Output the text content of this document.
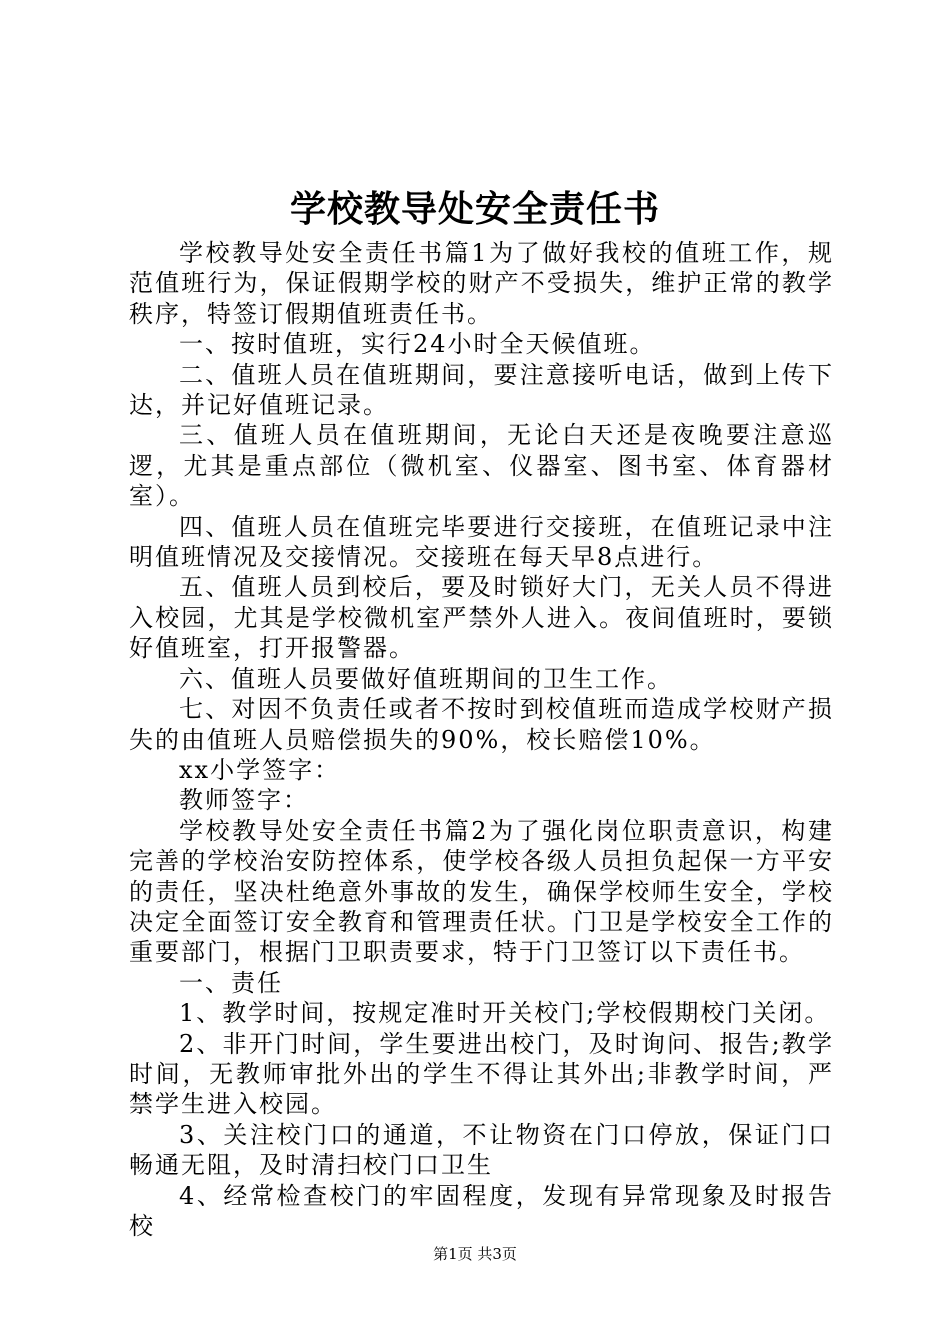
学校教导处安全责任书

学校教导处安全责任书篇1为了做好我校的值班工作，规范值班行为，保证假期学校的财产不受损失，维护正常的教学秩序，特签订假期值班责任书。

一、按时值班，实行24小时全天候值班。

二、值班人员在值班期间，要注意接听电话，做到上传下达，并记好值班记录。

三、值班人员在值班期间，无论白天还是夜晚要注意巡逻，尤其是重点部位（微机室、仪器室、图书室、体育器材室）。

四、值班人员在值班完毕要进行交接班，在值班记录中注明值班情况及交接情况。交接班在每天早8点进行。

五、值班人员到校后，要及时锁好大门，无关人员不得进入校园，尤其是学校微机室严禁外人进入。夜间值班时，要锁好值班室，打开报警器。

六、值班人员要做好值班期间的卫生工作。

七、对因不负责任或者不按时到校值班而造成学校财产损失的由值班人员赔偿损失的90%，校长赔偿10%。

xx小学签字：

教师签字：

学校教导处安全责任书篇2为了强化岗位职责意识，构建完善的学校治安防控体系，使学校各级人员担负起保一方平安的责任，坚决杜绝意外事故的发生，确保学校师生安全，学校决定全面签订安全教育和管理责任状。门卫是学校安全工作的重要部门，根据门卫职责要求，特于门卫签订以下责任书。

一、责任

1、教学时间，按规定准时开关校门;学校假期校门关闭。

2、非开门时间，学生要进出校门，及时询问、报告;教学时间，无教师审批外出的学生不得让其外出;非教学时间，严禁学生进入校园。

3、关注校门口的通道，不让物资在门口停放，保证门口畅通无阻，及时清扫校门口卫生

4、经常检查校门的牢固程度，发现有异常现象及时报告校

第1页 共3页
